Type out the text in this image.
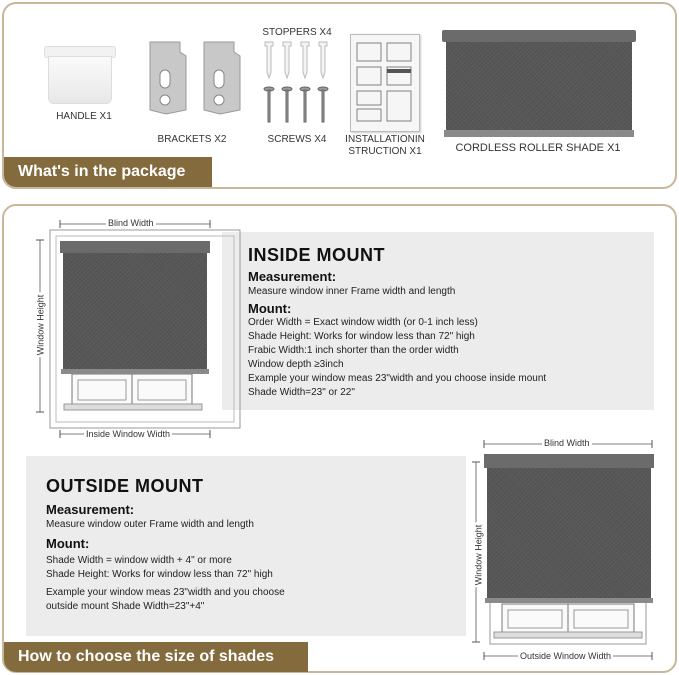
HANDLE X1
BRACKETS X2
STOPPERS X4
SCREWS X4	INSTALLATIONIN STRUCTION X1	CORDLESS ROLLER SHADE X1
What's in the package
INSIDE MOUNT
Measurement:
Measure window inner Frame width and length
Mount:
Order Width = Exact window width (or 0-1 inch less)
Shade Height: Works for window less than 72" high
Frabic Width:1 inch shorter than the order width
Window depth ≥3inch
Example your window meas 23"width and you choose inside mount
Shade Width=23" or 22"
Blind Width
Window Height
Inside Window Width
OUTSIDE MOUNT
Measurement:
Measure window outer Frame width and length
Mount:
Shade Width = window width + 4" or more
Shade Height: Works for window less than 72" high
Example your window meas 23"width and you choose
outside mount Shade Width=23"+4"
Blind Width
Window Height
Outside Window Width
How to choose the size of shades
